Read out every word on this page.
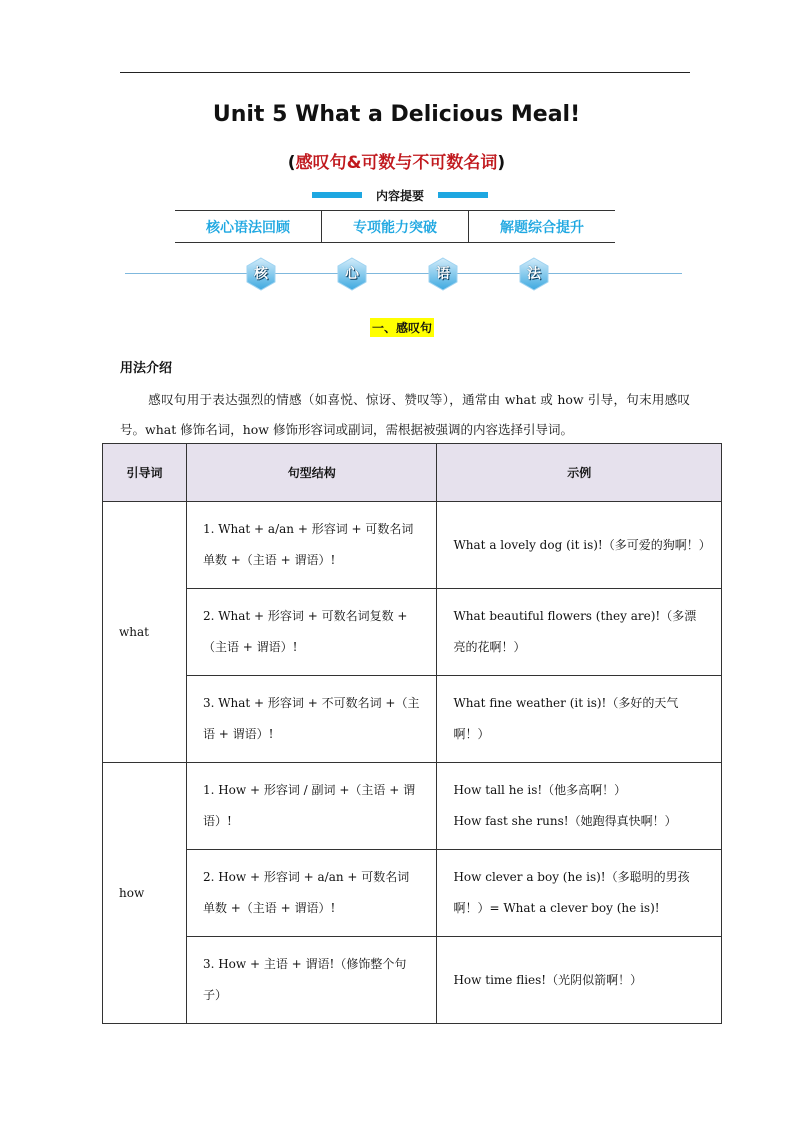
Unit 5 What a Delicious Meal!
(感叹句&可数与不可数名词)
内容提要
核心语法回顾	专项能力突破	解题综合提升
核	心	语	法
一、感叹句
用法介绍
感叹句用于表达强烈的情感（如喜悦、惊讶、赞叹等），通常由 what 或 how 引导，句末用感叹号。what 修饰名词，how 修饰形容词或副词，需根据被强调的内容选择引导词。
引导词	句型结构	示例
what	1. What + a/an + 形容词 + 可数名词单数 +（主语 + 谓语）!	What a lovely dog (it is)!（多可爱的狗啊！）
	2. What + 形容词 + 可数名词复数 +（主语 + 谓语）!	What beautiful flowers (they are)!（多漂亮的花啊！）
	3. What + 形容词 + 不可数名词 +（主语 + 谓语）!	What fine weather (it is)!（多好的天气啊！）
how	1. How + 形容词 / 副词 +（主语 + 谓语）!	How tall he is!（他多高啊！）
How fast she runs!（她跑得真快啊！）

	2. How + 形容词 + a/an + 可数名词单数 +（主语 + 谓语）!	How clever a boy (he is)!（多聪明的男孩啊！）= What a clever boy (he is)!
	3. How + 主语 + 谓语!（修饰整个句子）	How time flies!（光阴似箭啊！）
